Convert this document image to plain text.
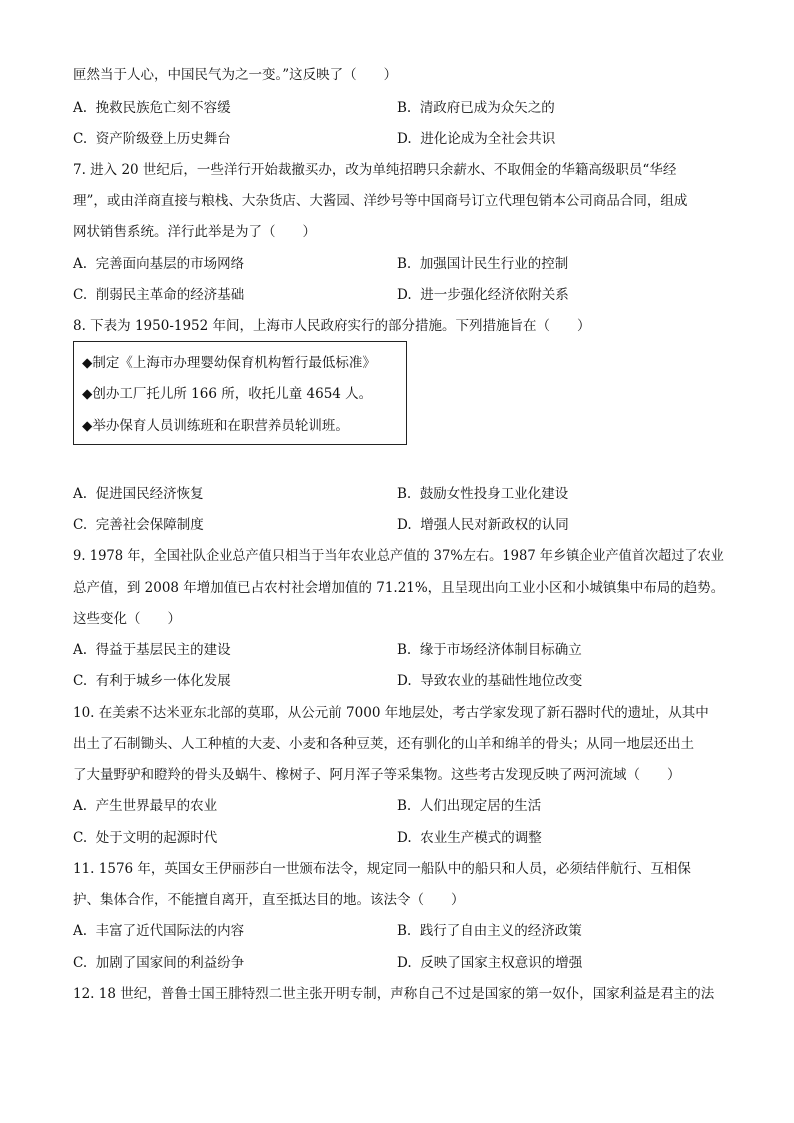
匣然当于人心，中国民气为之一变。”这反映了（　　）
A. 挽救民族危亡刻不容缓	B. 清政府已成为众矢之的
C. 资产阶级登上历史舞台	D. 进化论成为全社会共识
7. 进入 20 世纪后，一些洋行开始裁撤买办，改为单纯招聘只余薪水、不取佣金的华籍高级职员“华经
理”，或由洋商直接与粮栈、大杂货店、大酱园、洋纱号等中国商号订立代理包销本公司商品合同，组成
网状销售系统。洋行此举是为了（　　）
A. 完善面向基层的市场网络	B. 加强国计民生行业的控制
C. 削弱民主革命的经济基础	D. 进一步强化经济依附关系
8. 下表为 1950-1952 年间，上海市人民政府实行的部分措施。下列措施旨在（　　）
◆制定《上海市办理婴幼保育机构暂行最低标准》
◆创办工厂托儿所 166 所，收托儿童 4654 人。
◆举办保育人员训练班和在职营养员轮训班。
A. 促进国民经济恢复	B. 鼓励女性投身工业化建设
C. 完善社会保障制度	D. 增强人民对新政权的认同
9. 1978 年，全国社队企业总产值只相当于当年农业总产值的 37%左右。1987 年乡镇企业产值首次超过了农业
总产值，到 2008 年增加值已占农村社会增加值的 71.21%，且呈现出向工业小区和小城镇集中布局的趋势。
这些变化（　　）
A. 得益于基层民主的建设	B. 缘于市场经济体制目标确立
C. 有利于城乡一体化发展	D. 导致农业的基础性地位改变
10. 在美索不达米亚东北部的莫耶，从公元前 7000 年地层处，考古学家发现了新石器时代的遗址，从其中
出土了石制锄头、人工种植的大麦、小麦和各种豆荚，还有驯化的山羊和绵羊的骨头；从同一地层还出土
了大量野驴和瞪羚的骨头及蜗牛、橡树子、阿月浑子等采集物。这些考古发现反映了两河流域（　　）
A. 产生世界最早的农业	B. 人们出现定居的生活
C. 处于文明的起源时代	D. 农业生产模式的调整
11. 1576 年，英国女王伊丽莎白一世颁布法令，规定同一船队中的船只和人员，必须结伴航行、互相保
护、集体合作，不能擅自离开，直至抵达目的地。该法令（　　）
A. 丰富了近代国际法的内容	B. 践行了自由主义的经济政策
C. 加剧了国家间的利益纷争	D. 反映了国家主权意识的增强
12. 18 世纪，普鲁士国王腓特烈二世主张开明专制，声称自己不过是国家的第一奴仆，国家利益是君主的法
